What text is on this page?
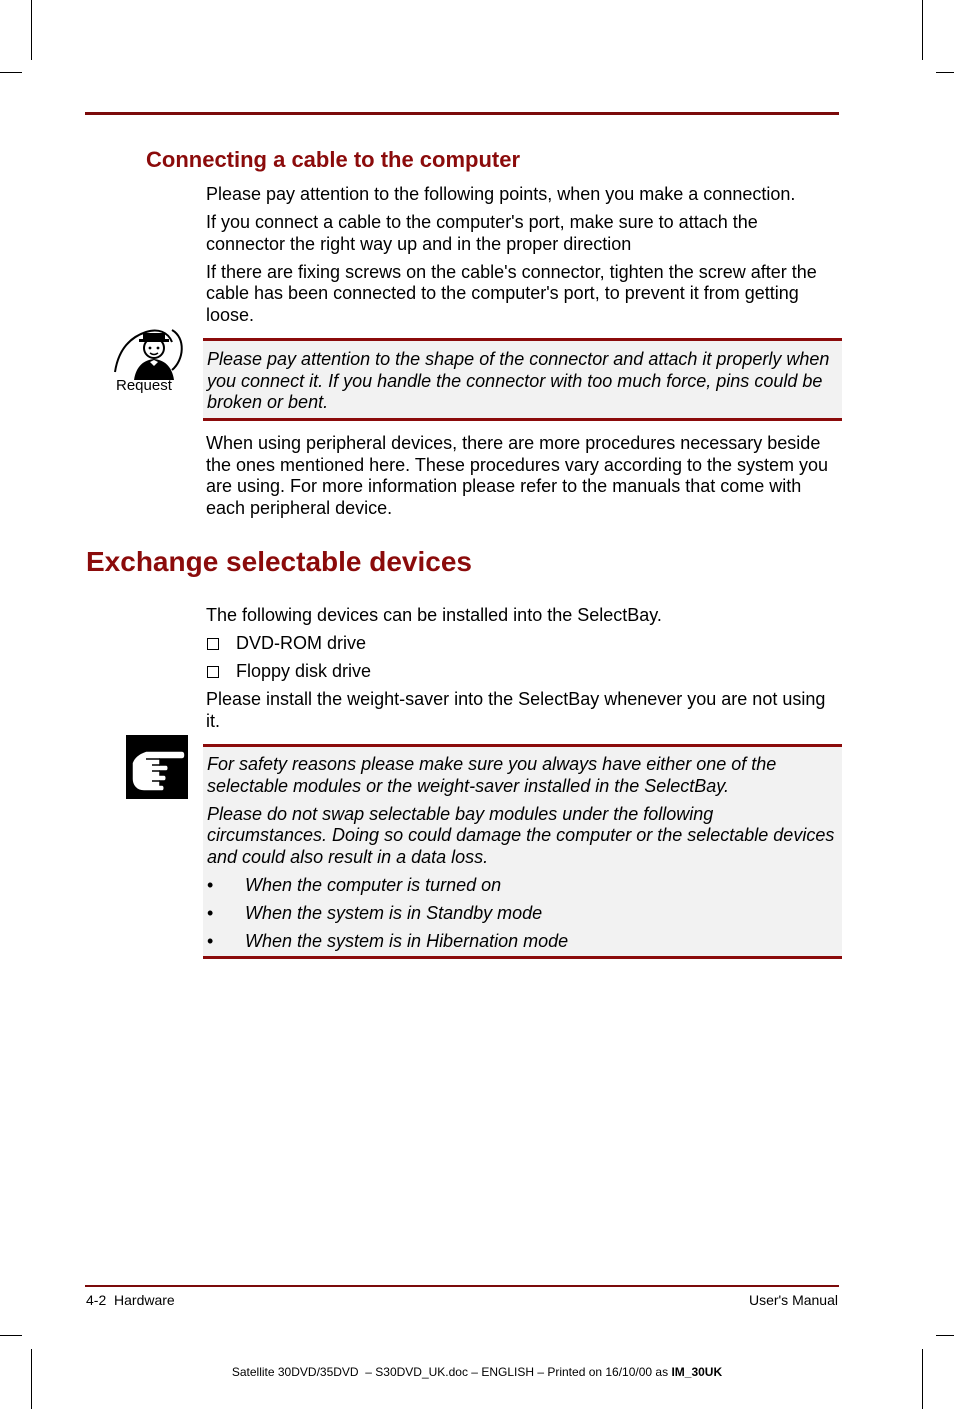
Connecting a cable to the computer

Please pay attention to the following points, when you make a connection.

If you connect a cable to the computer's port, make sure to attach the connector the right way up and in the proper direction

If there are fixing screws on the cable's connector, tighten the screw after the cable has been connected to the computer's port, to prevent it from getting loose.

Request

Please pay attention to the shape of the connector and attach it properly when you connect it. If you handle the connector with too much force, pins could be broken or bent.

When using peripheral devices, there are more procedures necessary beside the ones mentioned here. These procedures vary according to the system you are using. For more information please refer to the manuals that come with each peripheral device.

Exchange selectable devices

The following devices can be installed into the SelectBay.

DVD-ROM drive
Floppy disk drive

Please install the weight-saver into the SelectBay whenever you are not using it.

For safety reasons please make sure you always have either one of the selectable modules or the weight-saver installed in the SelectBay.

Please do not swap selectable bay modules under the following circumstances. Doing so could damage the computer or the selectable devices and could also result in a data loss.

•	When the computer is turned on
•	When the system is in Standby mode
•	When the system is in Hibernation mode
4-2  Hardware	User's Manual
Satellite 30DVD/35DVD  – S30DVD_UK.doc – ENGLISH – Printed on 16/10/00 as IM_30UK
